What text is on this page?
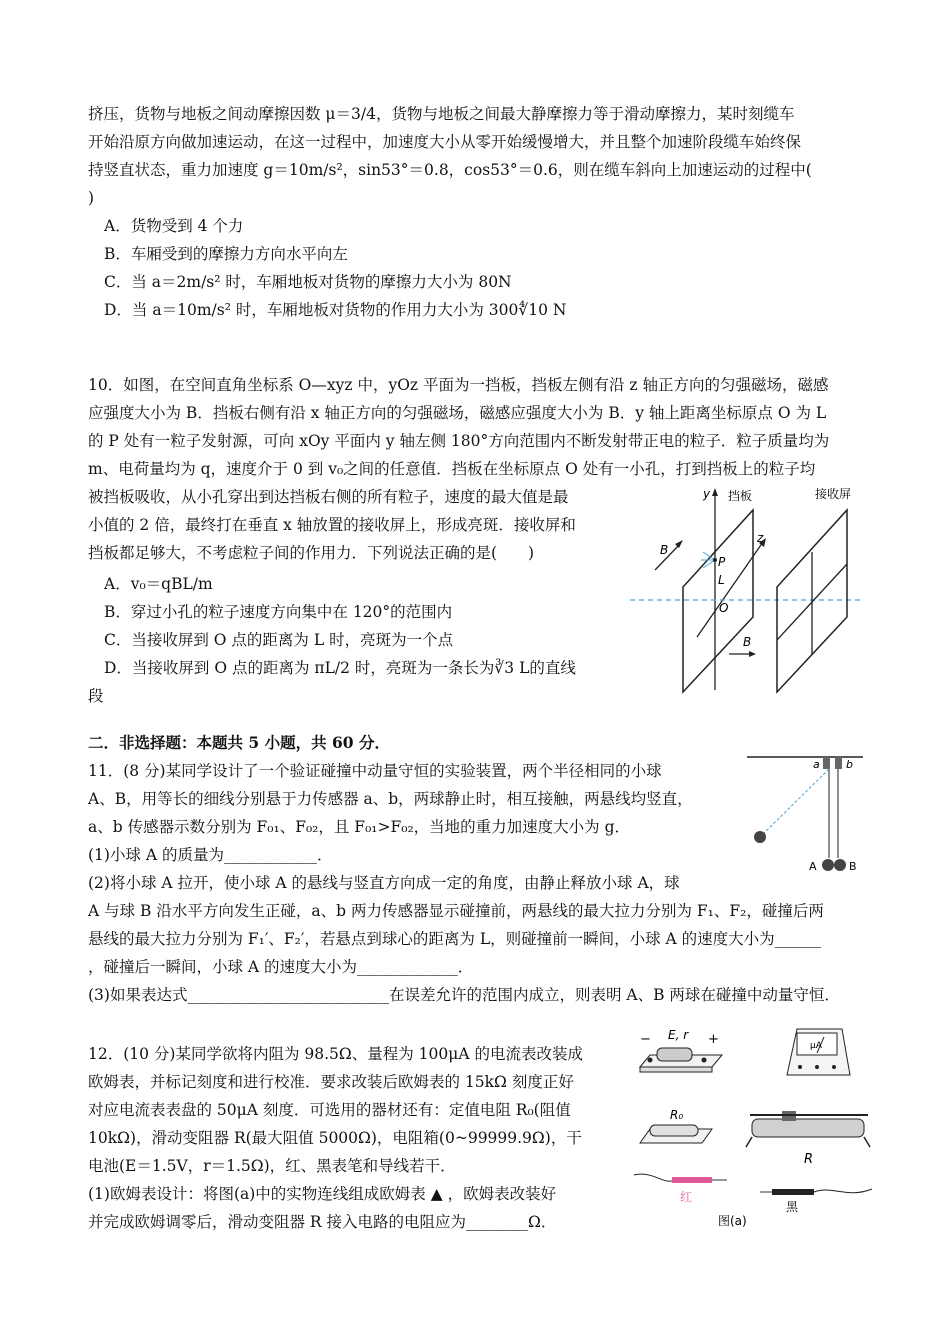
挤压，货物与地板之间动摩擦因数 μ＝3/4，货物与地板之间最大静摩擦力等于滑动摩擦力，某时刻缆车
开始沿原方向做加速运动，在这一过程中，加速度大小从零开始缓慢增大，并且整个加速阶段缆车始终保
持竖直状态，重力加速度 g＝10m/s²，sin53°＝0.8，cos53°＝0.6，则在缆车斜向上加速运动的过程中(
)
A．货物受到 4 个力
B．车厢受到的摩擦力方向水平向左
C．当 a＝2m/s² 时，车厢地板对货物的摩擦力大小为 80N
D．当 a＝10m/s² 时，车厢地板对货物的作用力大小为 300∜10 N
10．如图，在空间直角坐标系 O—xyz 中，yOz 平面为一挡板，挡板左侧有沿 z 轴正方向的匀强磁场，磁感
应强度大小为 B．挡板右侧有沿 x 轴正方向的匀强磁场，磁感应强度大小为 B．y 轴上距离坐标原点 O 为 L
的 P 处有一粒子发射源，可向 xOy 平面内 y 轴左侧 180°方向范围内不断发射带正电的粒子．粒子质量均为
m、电荷量均为 q，速度介于 0 到 v₀之间的任意值．挡板在坐标原点 O 处有一小孔，打到挡板上的粒子均
被挡板吸收，从小孔穿出到达挡板右侧的所有粒子，速度的最大值是最
小值的 2 倍，最终打在垂直 x 轴放置的接收屏上，形成亮斑．接收屏和
挡板都足够大，不考虑粒子间的作用力．下列说法正确的是(　　)
A．v₀＝qBL/m
B．穿过小孔的粒子速度方向集中在 120°的范围内
C．当接收屏到 O 点的距离为 L 时，亮斑为一个点
D．当接收屏到 O 点的距离为 πL/2 时，亮斑为一条长为∛3 L的直线
段
y 挡板	接收屏
z
B
P
L
O
B
二．非选择题：本题共 5 小题，共 60 分．
11．(8 分)某同学设计了一个验证碰撞中动量守恒的实验装置，两个半径相同的小球
A、B，用等长的细线分别悬于力传感器 a、b，两球静止时，相互接触，两悬线均竖直，
a、b 传感器示数分别为 F₀₁、F₀₂，且 F₀₁>F₀₂，当地的重力加速度大小为 g．
(1)小球 A 的质量为____________．
(2)将小球 A 拉开，使小球 A 的悬线与竖直方向成一定的角度，由静止释放小球 A，球
A 与球 B 沿水平方向发生正碰，a、b 两力传感器显示碰撞前，两悬线的最大拉力分别为 F₁、F₂，碰撞后两
悬线的最大拉力分别为 F₁′、F₂′，若悬点到球心的距离为 L，则碰撞前一瞬间，小球 A 的速度大小为______
，碰撞后一瞬间，小球 A 的速度大小为_____________．
(3)如果表达式__________________________在误差允许的范围内成立，则表明 A、B 两球在碰撞中动量守恒．
a b
A	B
12．(10 分)某同学欲将内阻为 98.5Ω、量程为 100μA 的电流表改装成
欧姆表，并标记刻度和进行校准．要求改装后欧姆表的 15kΩ 刻度正好
对应电流表表盘的 50μA 刻度．可选用的器材还有：定值电阻 R₀(阻值
10kΩ)，滑动变阻器 R(最大阻值 5000Ω)，电阻箱(0~99999.9Ω)，干
电池(E＝1.5V，r＝1.5Ω)，红、黑表笔和导线若干．
(1)欧姆表设计：将图(a)中的实物连线组成欧姆表 ▲ ，欧姆表改装好
并完成欧姆调零后，滑动变阻器 R 接入电路的电阻应为________Ω．
− E, r +	μA
R₀
R
红
黑
图(a)
